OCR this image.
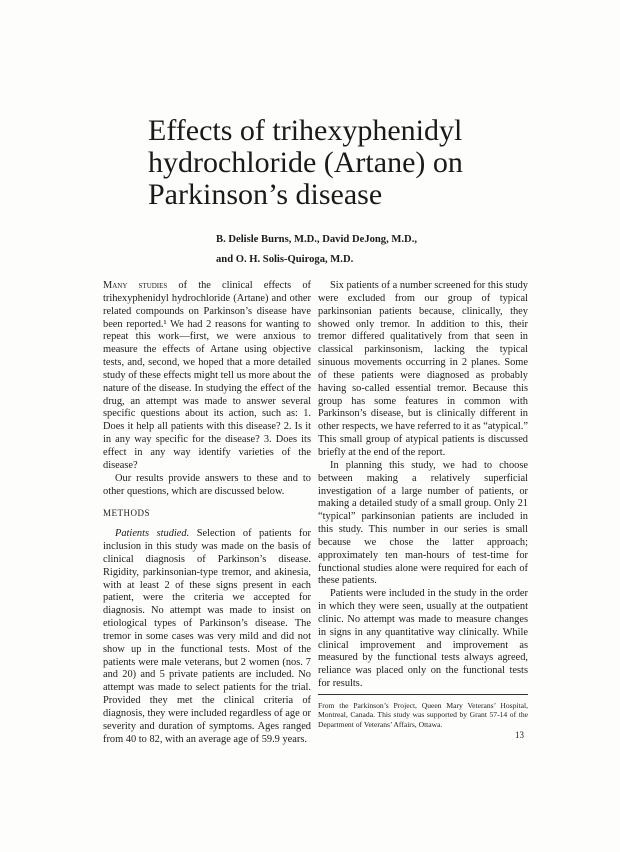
Effects of trihexyphenidyl
hydrochloride (Artane) on
Parkinson’s disease
B. Delisle Burns, M.D., David DeJong, M.D.,
and O. H. Solis-Quiroga, M.D.

Many studies of the clinical effects of trihexyphenidyl hydrochloride (Artane) and other related compounds on Parkinson’s disease have been reported.¹ We had 2 reasons for wanting to repeat this work—first, we were anxious to measure the effects of Artane using objective tests, and, second, we hoped that a more detailed study of these effects might tell us more about the nature of the disease. In studying the effect of the drug, an attempt was made to answer several specific questions about its action, such as: 1. Does it help all patients with this disease? 2. Is it in any way specific for the disease? 3. Does its effect in any way identify varieties of the disease?

Our results provide answers to these and to other questions, which are discussed below.

METHODS

Patients studied. Selection of patients for inclusion in this study was made on the basis of clinical diagnosis of Parkinson’s disease. Rigidity, parkinsonian-type tremor, and akinesia, with at least 2 of these signs present in each patient, were the criteria we accepted for diagnosis. No attempt was made to insist on etiological types of Parkinson’s disease. The tremor in some cases was very mild and did not show up in the functional tests. Most of the patients were male veterans, but 2 women (nos. 7 and 20) and 5 private patients are included. No attempt was made to select patients for the trial. Provided they met the clinical criteria of diagnosis, they were included regardless of age or severity and duration of symptoms. Ages ranged from 40 to 82, with an average age of 59.9 years.

Six patients of a number screened for this study were excluded from our group of typical parkinsonian patients because, clinically, they showed only tremor. In addition to this, their tremor differed qualitatively from that seen in classical parkinsonism, lacking the typical sinuous movements occurring in 2 planes. Some of these patients were diagnosed as probably having so-called essential tremor. Because this group has some features in common with Parkinson’s disease, but is clinically different in other respects, we have referred to it as “atypical.” This small group of atypical patients is discussed briefly at the end of the report.

In planning this study, we had to choose between making a relatively superficial investigation of a large number of patients, or making a detailed study of a small group. Only 21 “typical” parkinsonian patients are included in this study. This number in our series is small because we chose the latter approach; approximately ten man-hours of test-time for functional studies alone were required for each of these patients.

Patients were included in the study in the order in which they were seen, usually at the outpatient clinic. No attempt was made to measure changes in signs in any quantitative way clinically. While clinical improvement and improvement as measured by the functional tests always agreed, reliance was placed only on the functional tests for results.

From the Parkinson’s Project, Queen Mary Veterans’ Hospital, Montreal, Canada. This study was supported by Grant 57-14 of the Department of Veterans’ Affairs, Ottawa.
13
